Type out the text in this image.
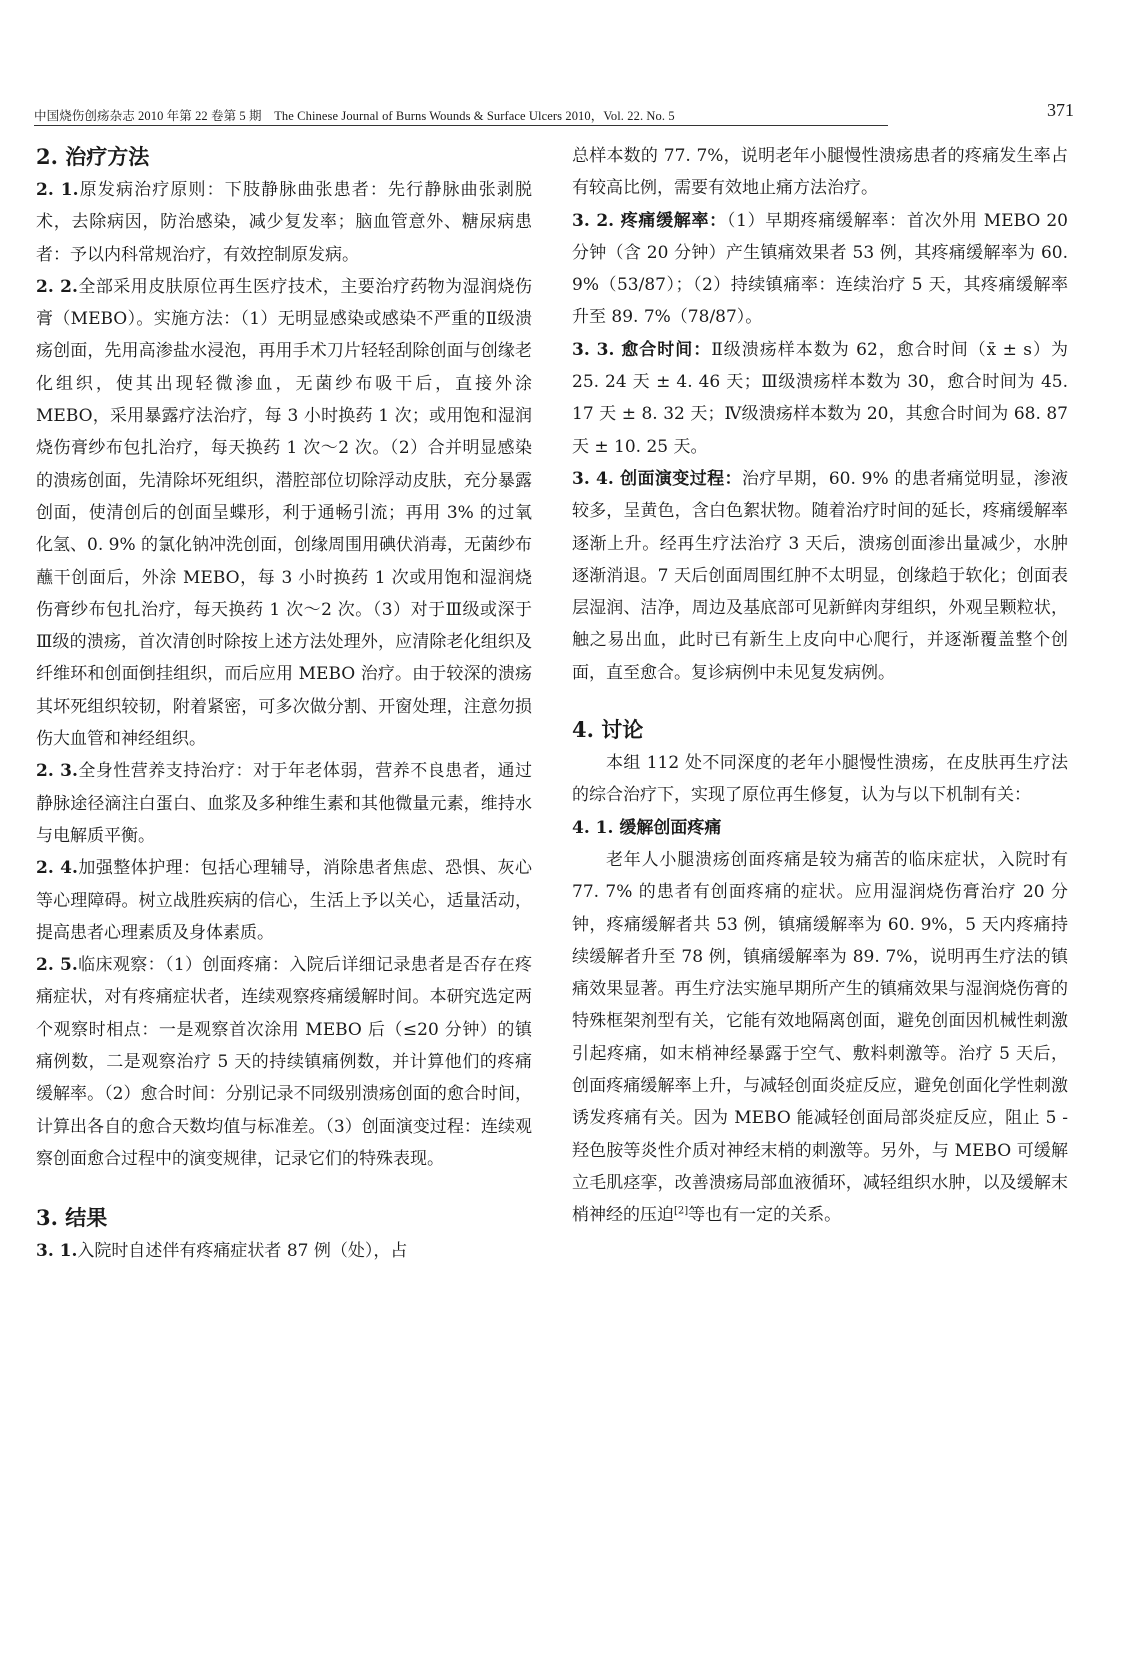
中国烧伤创疡杂志 2010 年第 22 卷第 5 期　The Chinese Journal of Burns Wounds & Surface Ulcers 2010，Vol. 22. No. 5	371
2. 治疗方法

2. 1.原发病治疗原则：下肢静脉曲张患者：先行静脉曲张剥脱术，去除病因，防治感染，减少复发率；脑血管意外、糖尿病患者：予以内科常规治疗，有效控制原发病。

2. 2.全部采用皮肤原位再生医疗技术，主要治疗药物为湿润烧伤膏（MEBO）。实施方法：（1）无明显感染或感染不严重的Ⅱ级溃疡创面，先用高渗盐水浸泡，再用手术刀片轻轻刮除创面与创缘老化组织，使其出现轻微渗血，无菌纱布吸干后，直接外涂 MEBO，采用暴露疗法治疗，每 3 小时换药 1 次；或用饱和湿润烧伤膏纱布包扎治疗，每天换药 1 次～2 次。（2）合并明显感染的溃疡创面，先清除坏死组织，潜腔部位切除浮动皮肤，充分暴露创面，使清创后的创面呈蝶形，利于通畅引流；再用 3% 的过氧化氢、0. 9% 的氯化钠冲洗创面，创缘周围用碘伏消毒，无菌纱布蘸干创面后，外涂 MEBO，每 3 小时换药 1 次或用饱和湿润烧伤膏纱布包扎治疗，每天换药 1 次～2 次。（3）对于Ⅲ级或深于Ⅲ级的溃疡，首次清创时除按上述方法处理外，应清除老化组织及纤维环和创面倒挂组织，而后应用 MEBO 治疗。由于较深的溃疡其坏死组织较韧，附着紧密，可多次做分割、开窗处理，注意勿损伤大血管和神经组织。

2. 3.全身性营养支持治疗：对于年老体弱，营养不良患者，通过静脉途径滴注白蛋白、血浆及多种维生素和其他微量元素，维持水与电解质平衡。

2. 4.加强整体护理：包括心理辅导，消除患者焦虑、恐惧、灰心等心理障碍。树立战胜疾病的信心，生活上予以关心，适量活动，提高患者心理素质及身体素质。

2. 5.临床观察：（1）创面疼痛：入院后详细记录患者是否存在疼痛症状，对有疼痛症状者，连续观察疼痛缓解时间。本研究选定两个观察时相点：一是观察首次涂用 MEBO 后（≤20 分钟）的镇痛例数，二是观察治疗 5 天的持续镇痛例数，并计算他们的疼痛缓解率。（2）愈合时间：分别记录不同级别溃疡创面的愈合时间，计算出各自的愈合天数均值与标准差。（3）创面演变过程：连续观察创面愈合过程中的演变规律，记录它们的特殊表现。

3. 结果

3. 1.入院时自述伴有疼痛症状者 87 例（处），占

总样本数的 77. 7%，说明老年小腿慢性溃疡患者的疼痛发生率占有较高比例，需要有效地止痛方法治疗。

3. 2. 疼痛缓解率：（1）早期疼痛缓解率：首次外用 MEBO 20 分钟（含 20 分钟）产生镇痛效果者 53 例，其疼痛缓解率为 60. 9%（53/87）；（2）持续镇痛率：连续治疗 5 天，其疼痛缓解率升至 89. 7%（78/87）。

3. 3. 愈合时间：Ⅱ级溃疡样本数为 62，愈合时间（x̄ ± s）为 25. 24 天 ± 4. 46 天；Ⅲ级溃疡样本数为 30，愈合时间为 45. 17 天 ± 8. 32 天；Ⅳ级溃疡样本数为 20，其愈合时间为 68. 87 天 ± 10. 25 天。

3. 4. 创面演变过程：治疗早期，60. 9% 的患者痛觉明显，渗液较多，呈黄色，含白色絮状物。随着治疗时间的延长，疼痛缓解率逐渐上升。经再生疗法治疗 3 天后，溃疡创面渗出量减少，水肿逐渐消退。7 天后创面周围红肿不太明显，创缘趋于软化；创面表层湿润、洁净，周边及基底部可见新鲜肉芽组织，外观呈颗粒状，触之易出血，此时已有新生上皮向中心爬行，并逐渐覆盖整个创面，直至愈合。复诊病例中未见复发病例。

4. 讨论

本组 112 处不同深度的老年小腿慢性溃疡，在皮肤再生疗法的综合治疗下，实现了原位再生修复，认为与以下机制有关：

4. 1. 缓解创面疼痛

老年人小腿溃疡创面疼痛是较为痛苦的临床症状，入院时有 77. 7% 的患者有创面疼痛的症状。应用湿润烧伤膏治疗 20 分钟，疼痛缓解者共 53 例，镇痛缓解率为 60. 9%，5 天内疼痛持续缓解者升至 78 例，镇痛缓解率为 89. 7%，说明再生疗法的镇痛效果显著。再生疗法实施早期所产生的镇痛效果与湿润烧伤膏的特殊框架剂型有关，它能有效地隔离创面，避免创面因机械性刺激引起疼痛，如末梢神经暴露于空气、敷料刺激等。治疗 5 天后，创面疼痛缓解率上升，与减轻创面炎症反应，避免创面化学性刺激诱发疼痛有关。因为 MEBO 能减轻创面局部炎症反应，阻止 5 - 羟色胺等炎性介质对神经末梢的刺激等。另外，与 MEBO 可缓解立毛肌痉挛，改善溃疡局部血液循环，减轻组织水肿，以及缓解末梢神经的压迫[2]等也有一定的关系。
